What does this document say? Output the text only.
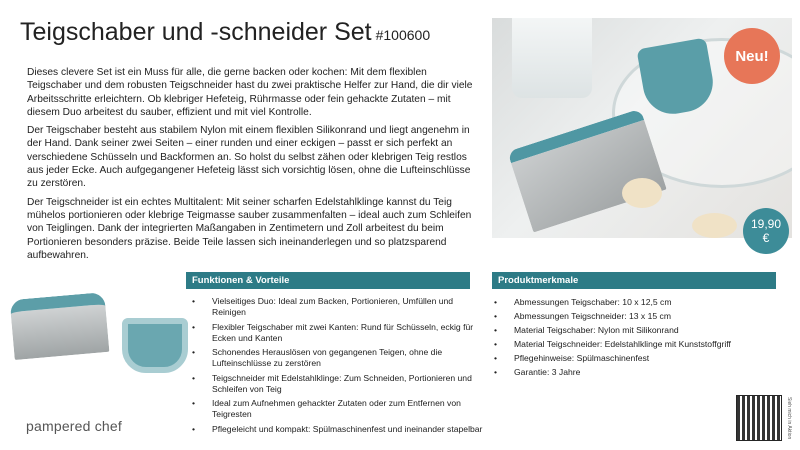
Teigschaber und -schneider Set #100600

Dieses clevere Set ist ein Muss für alle, die gerne backen oder kochen: Mit dem flexiblen Teigschaber und dem robusten Teigschneider hast du zwei praktische Helfer zur Hand, die dir viele Arbeitsschritte erleichtern. Ob klebriger Hefeteig, Rührmasse oder fein gehackte Zutaten – mit diesem Duo arbeitest du sauber, effizient und mit viel Kontrolle.

Der Teigschaber besteht aus stabilem Nylon mit einem flexiblen Silikonrand und liegt angenehm in der Hand. Dank seiner zwei Seiten – einer runden und einer eckigen – passt er sich perfekt an verschiedene Schüsseln und Backformen an. So holst du selbst zähen oder klebrigen Teig restlos aus jeder Ecke. Auch aufgegangener Hefeteig lässt sich vorsichtig lösen, ohne die Lufteinschlüsse zu zerstören.

Der Teigschneider ist ein echtes Multitalent: Mit seiner scharfen Edelstahlklinge kannst du Teig mühelos portionieren oder klebrige Teigmasse sauber zusammenfalten – ideal auch zum Schleifen von Teiglingen. Dank der integrierten Maßangaben in Zentimetern und Zoll arbeitest du beim Portionieren besonders präzise. Beide Teile lassen sich ineinanderlegen und so platzsparend aufbewahren.

Neu!
19,90
€
Funktionen & Vorteile
• Vielseitiges Duo: Ideal zum Backen, Portionieren, Umfüllen und Reinigen
• Flexibler Teigschaber mit zwei Kanten: Rund für Schüsseln, eckig für Ecken und Kanten
• Schonendes Herauslösen von gegangenen Teigen, ohne die Lufteinschlüsse zu zerstören
• Teigschneider mit Edelstahlklinge: Zum Schneiden, Portionieren und Schleifen von Teig
• Ideal zum Aufnehmen gehackter Zutaten oder zum Entfernen von Teigresten
• Pflegeleicht und kompakt: Spülmaschinenfest und ineinander stapelbar
Produktmerkmale
• Abmessungen Teigschaber: 10 x 12,5 cm
• Abmessungen Teigschneider: 13 x 15 cm
• Material Teigschaber: Nylon mit Silikonrand
• Material Teigschneider: Edelstahlklinge mit Kunststoffgriff
• Pflegehinweise: Spülmaschinenfest
• Garantie: 3 Jahre
pampered chef	Sieh mich in Aktion
